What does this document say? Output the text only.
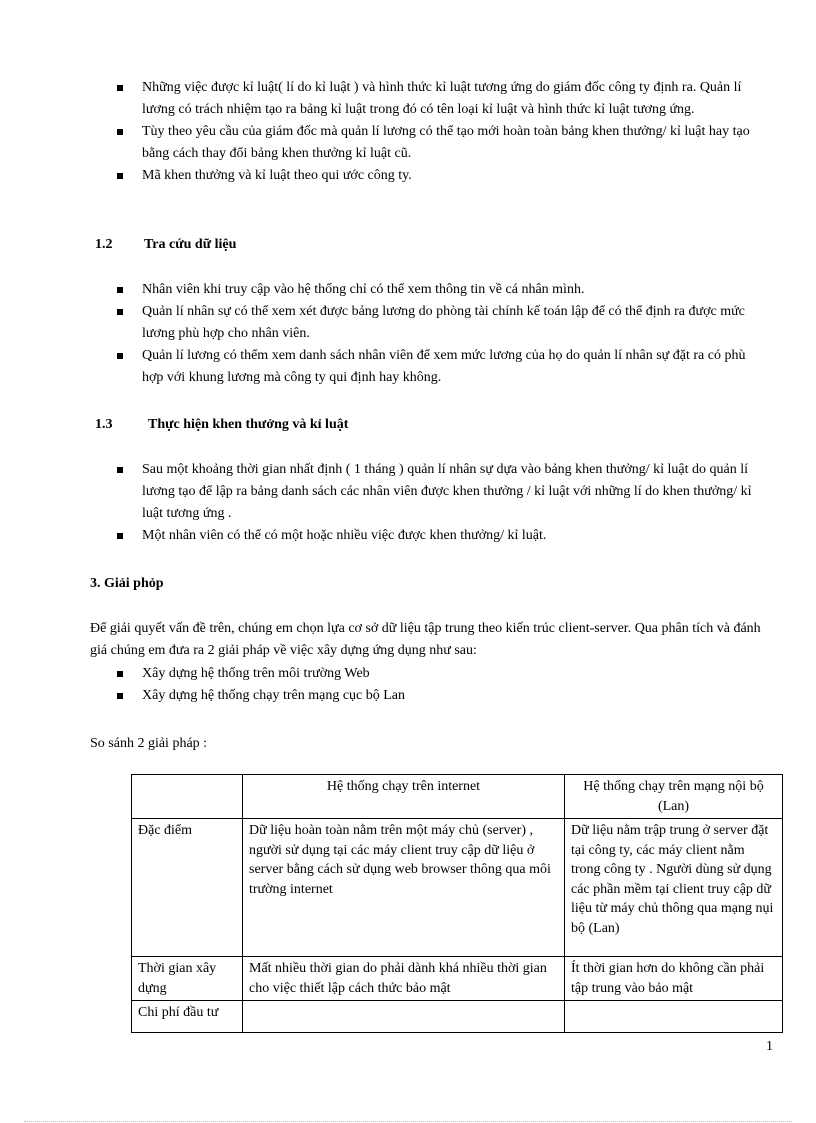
Những việc được kỉ luật( lí do kỉ luật ) và hình thức kỉ luật tương ứng do giám đốc công ty định ra. Quản lí lương có trách nhiệm tạo ra bảng kỉ luật trong đó có tên loại kỉ luật và hình thức kỉ luật tương ứng.
Tùy theo yêu cầu của giám đốc mà quản lí lương có thể tạo mới hoàn toàn bảng khen thưởng/ kỉ luật hay tạo bằng cách thay đổi bảng khen thưởng kỉ luật cũ.
Mã khen thưởng và kỉ luật theo qui ước công ty.
1.2 Tra cứu dữ liệu
Nhân viên khi truy cập vào hệ thống chỉ có thể xem thông tin về cá nhân mình.
Quản lí nhân sự có thể xem xét được bảng lương do phòng tài chính kế toán lập để có thể định ra được mức lương phù hợp cho nhân viên.
Quản lí lương có thểm xem danh sách nhân viên để xem mức lương của họ do quản lí nhân sự đặt ra có phù hợp với khung lương mà công ty qui định hay không.
1.3	Thực hiện khen thưởng và kỉ luật
Sau một khoảng thời gian nhất định ( 1 tháng ) quản lí nhân sự dựa vào bảng khen thưởng/ kỉ luật do quản lí lương tạo để lập ra bảng danh sách các nhân viên được khen thưởng / kỉ luật với những lí do khen thưởng/ kỉ luật tương ứng .
Một nhân viên có thể có một hoặc nhiều việc được khen thưởng/ kỉ luật.
3. Giải phỏp
Để giải quyết vấn đề trên, chúng em chọn lựa cơ sở dữ liệu tập trung theo kiến trúc client-server. Qua phân tích và đánh giá chúng em đưa ra 2 giải pháp về việc xây dựng ứng dụng như sau:
Xây dựng hệ thống trên môi trường Web
Xây dựng hệ thống chạy trên mạng cục bộ Lan
So sánh 2 giải pháp :
	Hệ thống chạy trên internet	Hệ thống chạy trên mạng nội bộ (Lan)
Đặc điểm	Dữ liệu hoàn toàn nằm trên một máy chủ (server) , người sử dụng tại các máy client truy cập dữ liệu ở server bằng cách sử dụng web browser thông qua môi trường internet	Dữ liệu nằm trập trung ở server đặt tại công ty, các máy client nằm trong công ty . Người dùng sử dụng các phần mềm tại client truy cập dữ liệu từ máy chủ thông qua mạng nụi bộ (Lan)
Thời gian xây dựng	Mất nhiều thời gian do phải dành khá nhiều thời gian cho việc thiết lập cách thức bảo mật	Ít thời gian hơn do không cần phải tập trung vào bảo mật
Chi phí đầu tư		
1
